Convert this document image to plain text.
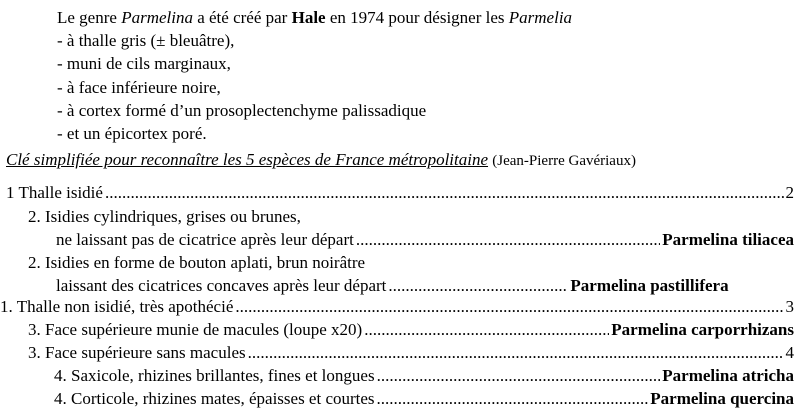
Le genre Parmelina a été créé par Hale en 1974 pour désigner les Parmelia
- à thalle gris (± bleuâtre),
- muni de cils marginaux,
- à face inférieure noire,
- à cortex formé d’un prosoplectenchyme palissadique
- et un épicortex poré.
Clé simplifiée pour reconnaître les 5 espèces de France métropolitaine (Jean-Pierre Gavériaux)
1 Thalle isidié .....	2
2. Isidies cylindriques, grises ou brunes,
ne laissant pas de cicatrice après leur départ .....	Parmelina tiliacea
2. Isidies en forme de bouton aplati, brun noirâtre
laissant des cicatrices concaves après leur départ .....	Parmelina pastillifera
1. Thalle non isidié, très apothécié .....	3
3. Face supérieure munie de macules (loupe x20) .....	Parmelina carporrhizans
3. Face supérieure sans macules .....	4
4. Saxicole, rhizines brillantes, fines et longues .....	Parmelina atricha
4. Corticole, rhizines mates, épaisses et courtes .....	Parmelina quercina
